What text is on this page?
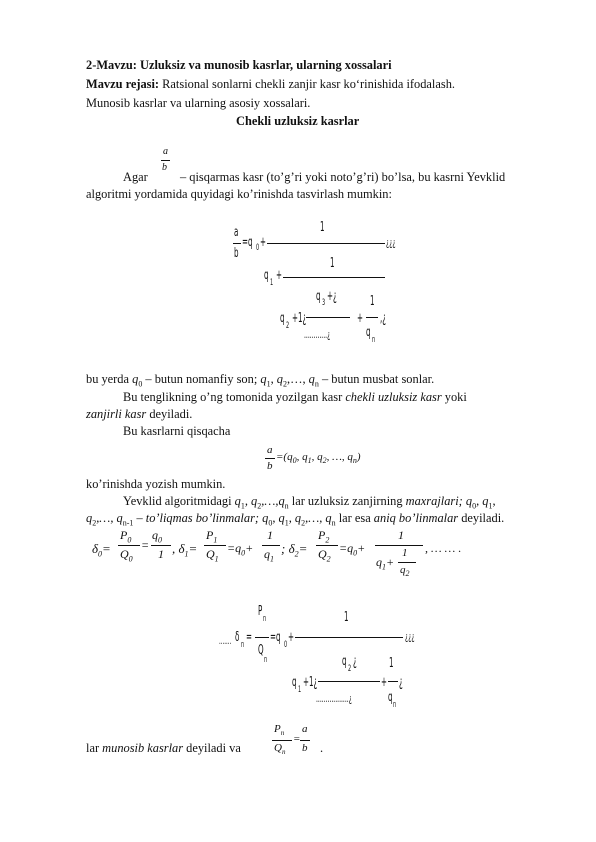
2-Mavzu: Uzluksiz va munosib kasrlar, ularning xossalari
Mavzu rejasi: Ratsional sonlarni chekli zanjir kasr ko‘rinishida ifodalash.
Munosib kasrlar va ularning asosiy xossalari.
Chekli uzluksiz kasrlar
Agar
a
b
– qisqarmas kasr (to’g’ri yoki noto’g’ri) bo’lsa, bu kasrni Yevklid
algoritmi yordamida quyidagi ko’rinishda tasvirlash mumkin:
a
b
=q 0 +
1
¿¿¿
q 1 +
1
q 3 +¿
q 2 +1¿
............¿
1
+ ,¿
q n
bu yerda $q_0$ – butun nomanfiy son; $q_1$, $q_2,\dots$, $q_n$ – butun musbat sonlar.
Bu tenglikning o’ng tomonida yozilgan kasr chekli uzluksiz kasr yoki
zanjirli kasr deyiladi.
Bu kasrlarni qisqacha
a
b
$=(q_0$, $q_1$, $q_2$, …, $q_n$)
ko’rinishda yozish mumkin.
Yevklid algoritmidagi $q_1$, $q_2,\dots,q_n$ lar uzluksiz zanjirning maxrajlari; $q_0$, $q_1$,
$q_2,\dots$, $q_{n-1}$ – to’liqmas bo’linmalar; $q_0$, $q_1$, $q_2,\dots$, $q_n$ lar esa aniq bo’linmalar deyiladi.
$\delta_0=$
$P_0$
$Q_0$
=
$q_0$
1 , $\delta_1=$
$P_1$
$Q_1$
$=q_0+$
1
$q_1$
; $\delta_2=$
$P_2$
$Q_2$
$=q_0+$
1
$q_1+$
1
$q_2$
, … … .
....... δ n =
P n
Q
n
=q 0 +
1
¿¿¿
q 2 ¿
q 1 +1¿
.................¿
1
+ ¿
q n
lar munosib kasrlar deyiladi va
$P_n$
$Q_n$
=
a
b .
